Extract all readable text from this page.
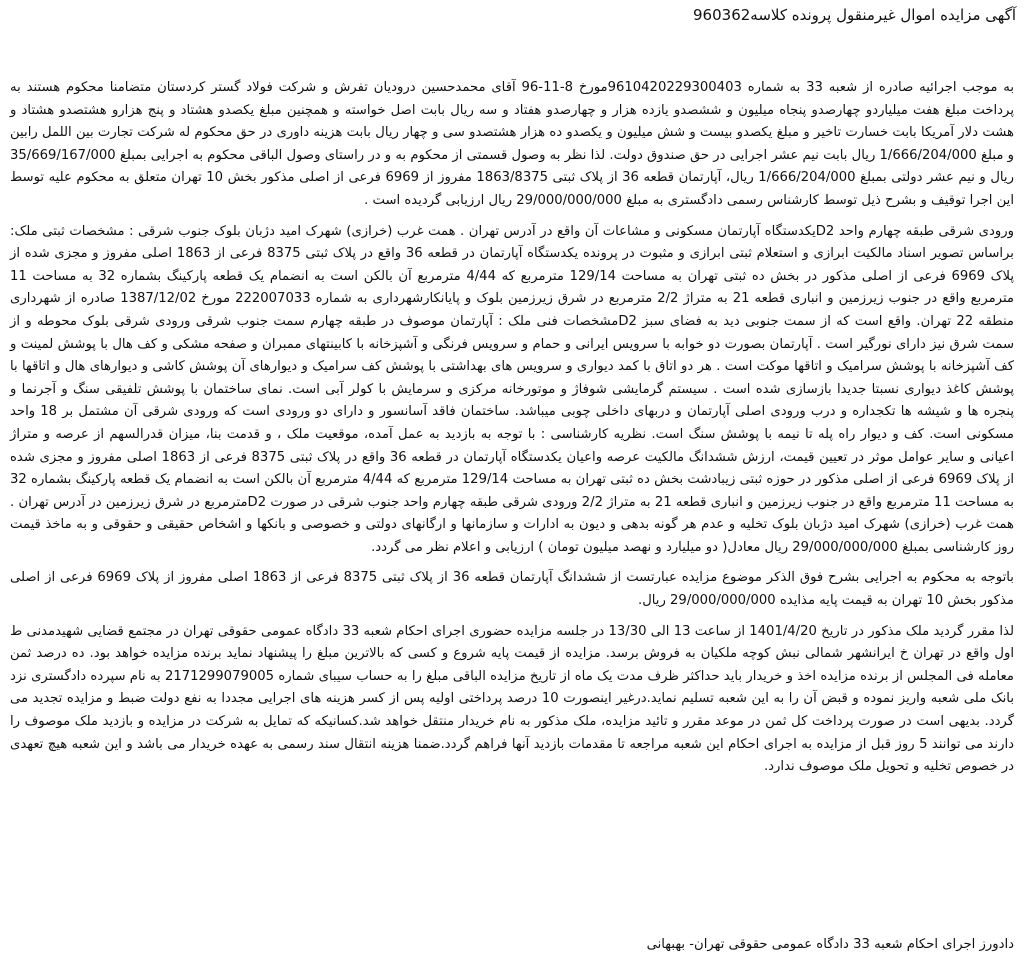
آگهی مزایده اموال غیرمنقول پرونده کلاسه960362

به موجب اجرائیه صادره از شعبه 33 به شماره 9610420229300403مورخ 8-11-96 آقای محمدحسین درودیان تفرش و شرکت فولاد گستر کردستان متضامنا محکوم هستند به پرداخت مبلغ هفت میلیاردو چهارصدو پنجاه میلیون و ششصدو یازده هزار و چهارصدو هفتاد و سه ریال بابت اصل خواسته و همچنین مبلغ یکصدو هشتاد و پنج هزارو هشتصدو هشتاد و هشت دلار آمریکا بابت خسارت تاخیر و مبلغ یکصدو بیست و شش میلیون و یکصدو ده هزار هشتصدو سی و چهار ریال بابت هزینه داوری در حق محکوم له شرکت تجارت بین اللمل رابین و مبلغ 1/666/204/000 ریال بابت نیم عشر اجرایی در حق صندوق دولت. لذا نظر به وصول قسمتی از محکوم به و در راستای وصول الباقی محکوم به اجرایی بمبلغ 35/669/167/000 ریال و نیم عشر دولتی بمبلغ 1/666/204/000 ریال، آپارتمان قطعه 36 از پلاک ثبتی 1863/8375 مفروز از 6969 فرعی از اصلی مذکور بخش 10 تهران متعلق به محکوم علیه توسط این اجرا توقیف و بشرح ذیل توسط کارشناس رسمی دادگستری به مبلغ 29/000/000/000 ریال ارزیابی گردیده است .

ورودی شرقی طبقه چهارم واحد D2یکدستگاه آپارتمان مسکونی و مشاعات آن واقع در آدرس تهران . همت غرب (خرازی) شهرک امید دژبان بلوک جنوب شرقی : مشخصات ثبتی ملک: براساس تصویر اسناد مالکیت ابرازی و استعلام ثبتی ابرازی و مثبوت در پرونده یکدستگاه آپارتمان در قطعه 36 واقع در پلاک ثبتی 8375 فرعی از 1863 اصلی مفروز و مجزی شده از پلاک 6969 فرعی از اصلی مذکور در بخش ده ثبتی تهران به مساحت 129/14 مترمربع که 4/44 مترمربع آن بالکن است به انضمام یک قطعه پارکینگ بشماره 32 به مساحت 11 مترمربع واقع در جنوب زیرزمین و انباری قطعه 21 به متراژ 2/2 مترمربع در شرق زیرزمین بلوک و پایانکارشهرداری به شماره 222007033 مورخ 1387/12/02 صادره از شهرداری منطقه 22 تهران. واقع است که از سمت جنوبی دید به فضای سبز D2مشخصات فنی ملک : آپارتمان موصوف در طبقه چهارم سمت جنوب شرقی ورودی شرقی بلوک محوطه و از سمت شرق نیز دارای نورگیر است . آپارتمان بصورت دو خوابه با سرویس ایرانی و حمام و سرویس فرنگی و آشپزخانه با کابینتهای ممبران و صفحه مشکی و کف هال با پوشش لمینت و کف آشپزخانه با پوشش سرامیک و اتاقها موکت است . هر دو اتاق با کمد دیواری و سرویس های بهداشتی با پوشش کف سرامیک و دیوارهای آن پوشش کاشی و دیوارهای هال و اتاقها با پوشش کاغذ دیواری نسبتا جدیدا بازسازی شده است . سیستم گرمایشی شوفاژ و موتورخانه مرکزی و سرمایش با کولر آبی است. نمای ساختمان با پوشش تلفیقی سنگ و آجرنما و پنجره ها و شیشه ها تکجداره و درب ورودی اصلی آپارتمان و دربهای داخلی چوبی میباشد. ساختمان فاقد آسانسور و دارای دو ورودی است که ورودی شرقی آن مشتمل بر 18 واحد مسکونی است. کف و دیوار راه پله تا نیمه با پوشش سنگ است. نظریه کارشناسی : با توجه به بازدید به عمل آمده، موقعیت ملک ، و قدمت بنا، میزان قدرالسهم از عرصه و متراژ اعیانی و سایر عوامل موثر در تعیین قیمت، ارزش ششدانگ مالکیت عرصه واعیان یکدستگاه آپارتمان در قطعه 36 واقع در پلاک ثبتی 8375 فرعی از 1863 اصلی مفروز و مجزی شده از پلاک 6969 فرعی از اصلی مذکور در حوزه ثبتی زیبادشت بخش ده ثبتی تهران به مساحت 129/14 مترمربع که 4/44 مترمربع آن بالکن است به انضمام یک قطعه پارکینگ بشماره 32 به مساحت 11 مترمربع واقع در جنوب زیرزمین و انباری قطعه 21 به متراژ 2/2 ورودی شرقی طبقه چهارم واحد جنوب شرقی در صورت D2مترمربع در شرق زیرزمین در آدرس تهران . همت غرب (خرازی) شهرک امید دژبان بلوک تخلیه و عدم هر گونه بدهی و دیون به ادارات و سازمانها و ارگانهای دولتی و خصوصی و بانکها و اشخاص حقیقی و حقوقی و به ماخذ قیمت روز کارشناسی بمبلغ 29/000/000/000 ریال معادل( دو میلیارد و نهصد میلیون تومان ) ارزیابی و اعلام نظر می گردد.

باتوجه به محکوم به اجرایی بشرح فوق الذکر موضوع مزایده عبارتست از ششدانگ آپارتمان قطعه 36 از پلاک ثبتی 8375 فرعی از 1863 اصلی مفروز از پلاک 6969 فرعی از اصلی مذکور بخش 10 تهران به قیمت پایه مذایده 29/000/000/000 ریال.

لذا مقرر گردید ملک مذکور در تاریخ 1401/4/20 از ساعت 13 الی 13/30 در جلسه مزایده حضوری اجرای احکام شعبه 33 دادگاه عمومی حقوقی تهران در مجتمع قضایی شهیدمدنی ط اول واقع در تهران خ ایرانشهر شمالی نبش کوچه ملکیان به فروش برسد. مزایده از قیمت پایه شروع و کسی که بالاترین مبلغ را پیشنهاد نماید برنده مزایده خواهد بود. ده درصد ثمن معامله فی المجلس از برنده مزایده اخذ و خریدار باید حداکثر ظرف مدت یک ماه از تاریخ مزایده الباقی مبلغ را به حساب سیبای شماره 2171299079005 به نام سپرده دادگستری نزد بانک ملی شعبه واریز نموده و قبض آن را به این شعبه تسلیم نماید.درغیر اینصورت 10 درصد پرداختی اولیه پس از کسر هزینه های اجرایی مجددا به نفع دولت ضبط و مزایده تجدید می گردد. بدیهی است در صورت پرداخت کل ثمن در موعد مقرر و تائید مزایده، ملک مذکور به نام خریدار منتقل خواهد شد.کسانیکه که تمایل به شرکت در مزایده و بازدید ملک موصوف را دارند می توانند 5 روز قبل از مزایده به اجرای احکام این شعبه مراجعه تا مقدمات بازدید آنها فراهم گردد.ضمنا هزینه انتقال سند رسمی به عهده خریدار می باشد و این شعبه هیچ تعهدی در خصوص تخلیه و تحویل ملک موصوف ندارد.

دادورز اجرای احکام شعبه 33 دادگاه عمومی حقوقی تهران- بهبهانی
